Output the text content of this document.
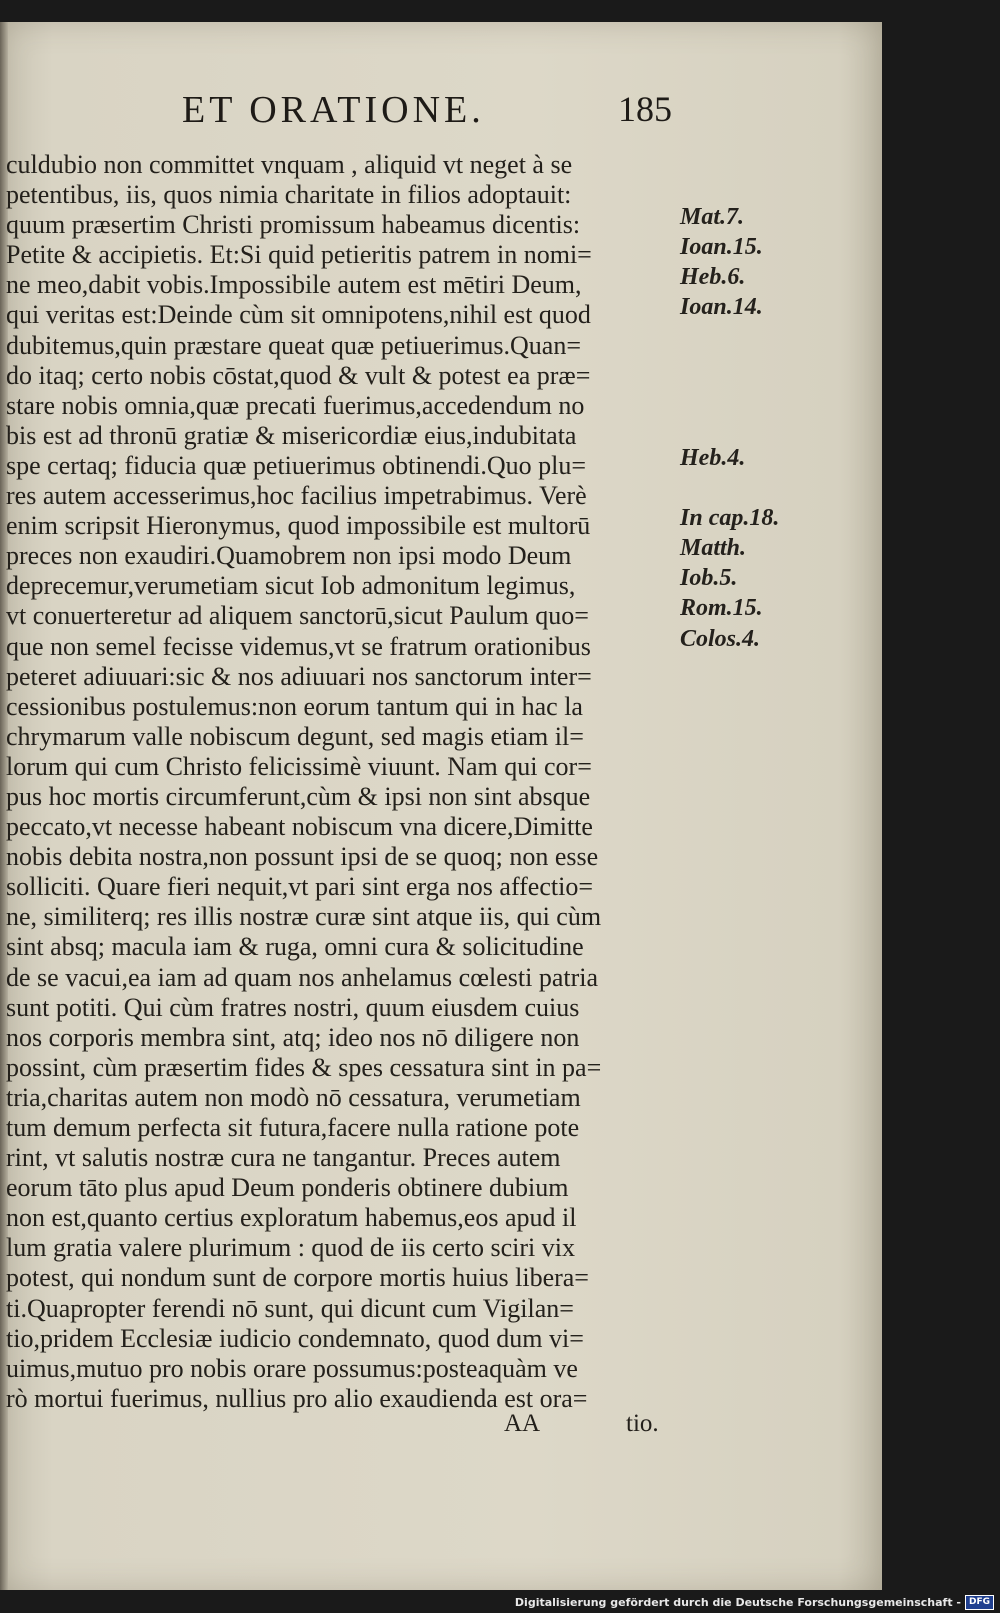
ET ORATIONE.	185
culdubio non committet vnquam , aliquid vt neget à se
petentibus, iis, quos nimia charitate in filios adoptauit:
quum præsertim Christi promissum habeamus dicentis:
Petite & accipietis. Et:Si quid petieritis patrem in nomi=
ne meo,dabit vobis.Impossibile autem est mētiri Deum,
qui veritas est:Deinde cùm sit omnipotens,nihil est quod
dubitemus,quin præstare queat quæ petiuerimus.Quan=
do itaq; certo nobis cōstat,quod & vult & potest ea præ=
stare nobis omnia,quæ precati fuerimus,accedendum no
bis est ad thronū gratiæ & misericordiæ eius,indubitata
spe certaq; fiducia quæ petiuerimus obtinendi.Quo plu=
res autem accesserimus,hoc facilius impetrabimus. Verè
enim scripsit Hieronymus, quod impossibile est multorū
preces non exaudiri.Quamobrem non ipsi modo Deum
deprecemur,verumetiam sicut Iob admonitum legimus,
vt conuerteretur ad aliquem sanctorū,sicut Paulum quo=
que non semel fecisse videmus,vt se fratrum orationibus
peteret adiuuari:sic & nos adiuuari nos sanctorum inter=
cessionibus postulemus:non eorum tantum qui in hac la
chrymarum valle nobiscum degunt, sed magis etiam il=
lorum qui cum Christo felicissimè viuunt. Nam qui cor=
pus hoc mortis circumferunt,cùm & ipsi non sint absque
peccato,vt necesse habeant nobiscum vna dicere,Dimitte
nobis debita nostra,non possunt ipsi de se quoq; non esse
solliciti. Quare fieri nequit,vt pari sint erga nos affectio=
ne, similiterq; res illis nostræ curæ sint atque iis, qui cùm
sint absq; macula iam & ruga, omni cura & solicitudine
de se vacui,ea iam ad quam nos anhelamus cœlesti patria
sunt potiti. Qui cùm fratres nostri, quum eiusdem cuius
nos corporis membra sint, atq; ideo nos nō diligere non
possint, cùm præsertim fides & spes cessatura sint in pa=
tria,charitas autem non modò nō cessatura, verumetiam
tum demum perfecta sit futura,facere nulla ratione pote
rint, vt salutis nostræ cura ne tangantur. Preces autem
eorum tāto plus apud Deum ponderis obtinere dubium
non est,quanto certius exploratum habemus,eos apud il
lum gratia valere plurimum : quod de iis certo sciri vix
potest, qui nondum sunt de corpore mortis huius libera=
ti.Quapropter ferendi nō sunt, qui dicunt cum Vigilan=
tio,pridem Ecclesiæ iudicio condemnato, quod dum vi=
uimus,mutuo pro nobis orare possumus:posteaquàm ve
rò mortui fuerimus, nullius pro alio exaudienda est ora=
Mat.7.
Ioan.15.
Heb.6.
Ioan.14.
Heb.4.
In cap.18.
Matth.
Iob.5.
Rom.15.
Colos.4.
AA	tio.
Digitalisierung gefördert durch die Deutsche Forschungsgemeinschaft - DFG
